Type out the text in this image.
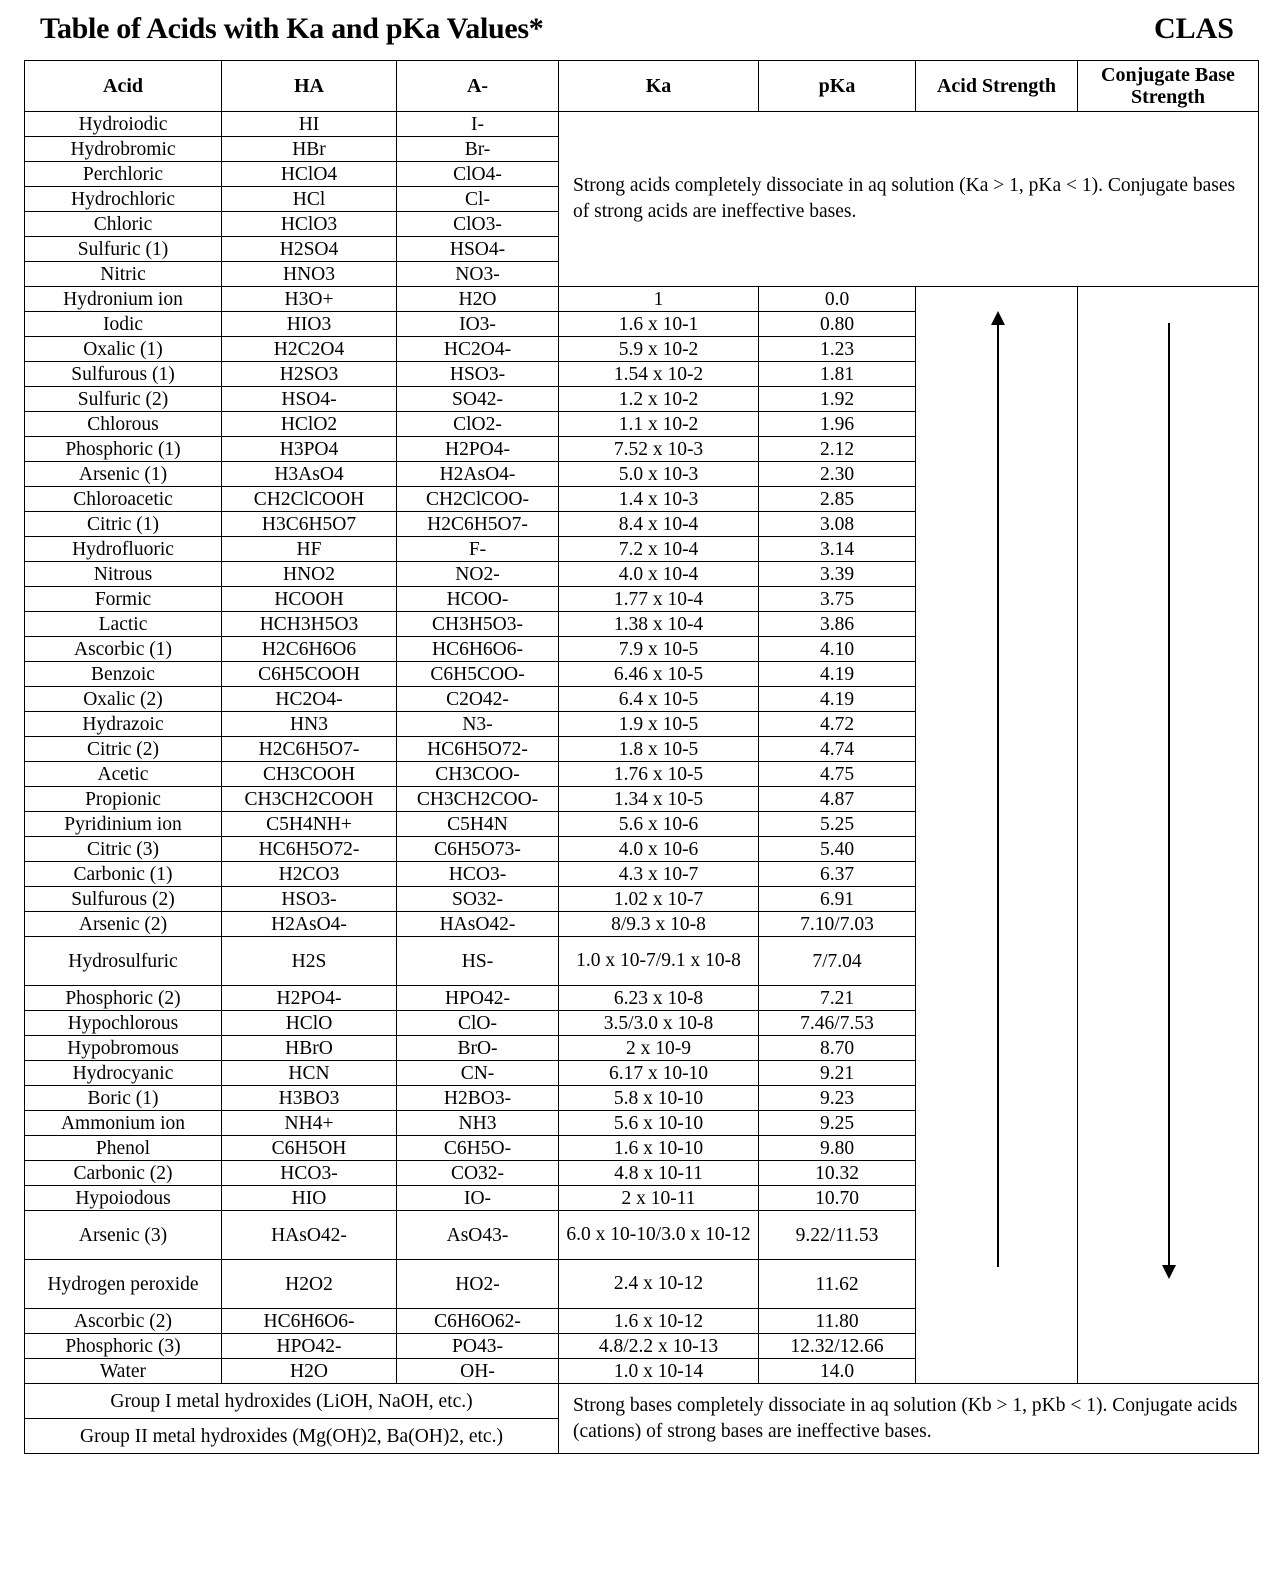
Table of Acids with Ka and pKa Values*	CLAS
Acid	HA	A-	Ka	pKa	Acid Strength	Conjugate Base Strength
Hydroiodic	HI	I-	Strong acids completely dissociate in aq solution (Ka > 1, pKa < 1). Conjugate bases of strong acids are ineffective bases.			
Hydrobromic	HBr	Br-				
Perchloric	HClO4	ClO4-				
Hydrochloric	HCl	Cl-				
Chloric	HClO3	ClO3-				
Sulfuric (1)	H2SO4	HSO4-				
Nitric	HNO3	NO3-				
Hydronium ion	H3O+	H2O	1	0.0	

Iodic	HIO3	IO3-	1.6 x 10-1	0.80		
Oxalic (1)	H2C2O4	HC2O4-	5.9 x 10-2	1.23		
Sulfurous (1)	H2SO3	HSO3-	1.54 x 10-2	1.81		
Sulfuric (2)	HSO4-	SO42-	1.2 x 10-2	1.92		
Chlorous	HClO2	ClO2-	1.1 x 10-2	1.96		
Phosphoric (1)	H3PO4	H2PO4-	7.52 x 10-3	2.12		
Arsenic (1)	H3AsO4	H2AsO4-	5.0 x 10-3	2.30		
Chloroacetic	CH2ClCOOH	CH2ClCOO-	1.4 x 10-3	2.85		
Citric (1)	H3C6H5O7	H2C6H5O7-	8.4 x 10-4	3.08		
Hydrofluoric	HF	F-	7.2 x 10-4	3.14		
Nitrous	HNO2	NO2-	4.0 x 10-4	3.39		
Formic	HCOOH	HCOO-	1.77 x 10-4	3.75		
Lactic	HCH3H5O3	CH3H5O3-	1.38 x 10-4	3.86		
Ascorbic (1)	H2C6H6O6	HC6H6O6-	7.9 x 10-5	4.10		
Benzoic	C6H5COOH	C6H5COO-	6.46 x 10-5	4.19		
Oxalic (2)	HC2O4-	C2O42-	6.4 x 10-5	4.19		
Hydrazoic	HN3	N3-	1.9 x 10-5	4.72		
Citric (2)	H2C6H5O7-	HC6H5O72-	1.8 x 10-5	4.74		
Acetic	CH3COOH	CH3COO-	1.76 x 10-5	4.75		
Propionic	CH3CH2COOH	CH3CH2COO-	1.34 x 10-5	4.87		
Pyridinium ion	C5H4NH+	C5H4N	5.6 x 10-6	5.25		
Citric (3)	HC6H5O72-	C6H5O73-	4.0 x 10-6	5.40		
Carbonic (1)	H2CO3	HCO3-	4.3 x 10-7	6.37		
Sulfurous (2)	HSO3-	SO32-	1.02 x 10-7	6.91		
Arsenic (2)	H2AsO4-	HAsO42-	8/9.3 x 10-8	7.10/7.03		
Hydrosulfuric	H2S	HS-	1.0 x 10-7/9.1 x 10-8	7/7.04		
Phosphoric (2)	H2PO4-	HPO42-	6.23 x 10-8	7.21		
Hypochlorous	HClO	ClO-	3.5/3.0 x 10-8	7.46/7.53		
Hypobromous	HBrO	BrO-	2 x 10-9	8.70		
Hydrocyanic	HCN	CN-	6.17 x 10-10	9.21		
Boric (1)	H3BO3	H2BO3-	5.8 x 10-10	9.23		
Ammonium ion	NH4+	NH3	5.6 x 10-10	9.25		
Phenol	C6H5OH	C6H5O-	1.6 x 10-10	9.80		
Carbonic (2)	HCO3-	CO32-	4.8 x 10-11	10.32		
Hypoiodous	HIO	IO-	2 x 10-11	10.70		
Arsenic (3)	HAsO42-	AsO43-	6.0 x 10-10/3.0 x 10-12	9.22/11.53		
Hydrogen peroxide	H2O2	HO2-	2.4 x 10-12	11.62		
Ascorbic (2)	HC6H6O6-	C6H6O62-	1.6 x 10-12	11.80		
Phosphoric (3)	HPO42-	PO43-	4.8/2.2 x 10-13	12.32/12.66		
Water	H2O	OH-	1.0 x 10-14	14.0		
Group I metal hydroxides (LiOH, NaOH, etc.)			Strong bases completely dissociate in aq solution (Kb > 1, pKb < 1). Conjugate acids (cations) of strong bases are ineffective bases.			
Group II metal hydroxides (Mg(OH)2, Ba(OH)2, etc.)						
